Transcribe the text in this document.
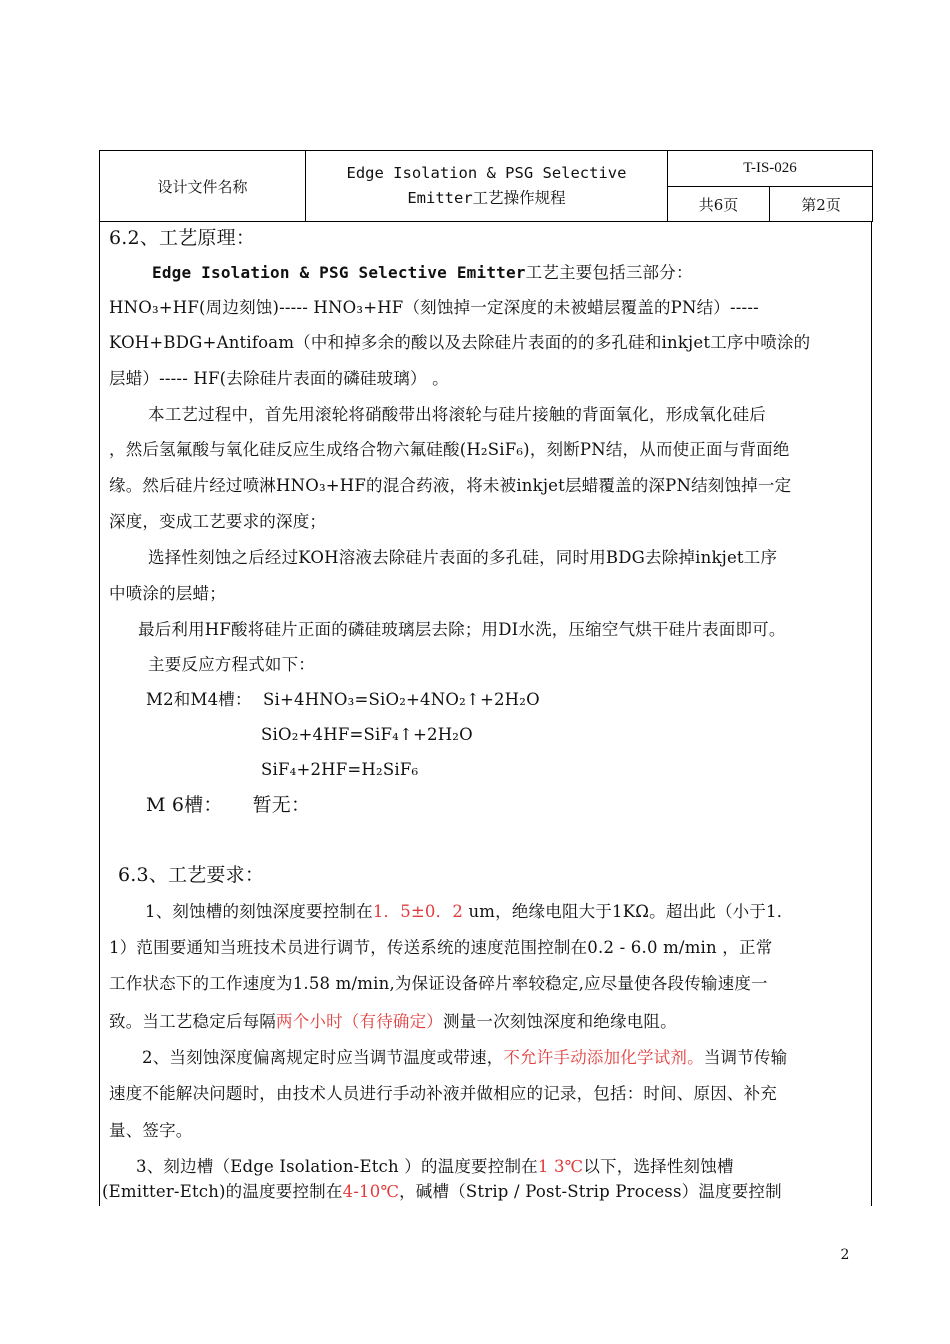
设计文件名称	Edge Isolation & PSG Selective
Emitter工艺操作规程	T-IS-026	
		共6页	第2页
6.2、工艺原理：
Edge Isolation & PSG Selective Emitter工艺主要包括三部分：
HNO₃+HF(周边刻蚀)----- HNO₃+HF（刻蚀掉一定深度的未被蜡层覆盖的PN结）-----
KOH+BDG+Antifoam（中和掉多余的酸以及去除硅片表面的的多孔硅和inkjet工序中喷涂的
层蜡）----- HF(去除硅片表面的磷硅玻璃） 。
本工艺过程中，首先用滚轮将硝酸带出将滚轮与硅片接触的背面氧化，形成氧化硅后
，然后氢氟酸与氧化硅反应生成络合物六氟硅酸(H₂SiF₆)，刻断PN结，从而使正面与背面绝
缘。然后硅片经过喷淋HNO₃+HF的混合药液，将未被inkjet层蜡覆盖的深PN结刻蚀掉一定
深度，变成工艺要求的深度；
选择性刻蚀之后经过KOH溶液去除硅片表面的多孔硅，同时用BDG去除掉inkjet工序
中喷涂的层蜡；
最后利用HF酸将硅片正面的磷硅玻璃层去除；用DI水洗，压缩空气烘干硅片表面即可。
主要反应方程式如下：
M2和M4槽： Si+4HNO₃=SiO₂+4NO₂↑+2H₂O
SiO₂+4HF=SiF₄↑+2H₂O
SiF₄+2HF=H₂SiF₆
M 6槽： 暂无：
6.3、工艺要求：
1、刻蚀槽的刻蚀深度要控制在1．5±0．2 um，绝缘电阻大于1KΩ。超出此（小于1．
1）范围要通知当班技术员进行调节，传送系统的速度范围控制在0.2 - 6.0 m/min ，正常
工作状态下的工作速度为1.58 m/min,为保证设备碎片率较稳定,应尽量使各段传输速度一
致。当工艺稳定后每隔两个小时（有待确定）测量一次刻蚀深度和绝缘电阻。
2、当刻蚀深度偏离规定时应当调节温度或带速，不允许手动添加化学试剂。当调节传输
速度不能解决问题时，由技术人员进行手动补液并做相应的记录，包括：时间、原因、补充
量、签字。
3、刻边槽（Edge Isolation-Etch ）的温度要控制在1 3℃以下，选择性刻蚀槽
(Emitter-Etch)的温度要控制在4-10℃，碱槽（Strip / Post-Strip Process）温度要控制
2
